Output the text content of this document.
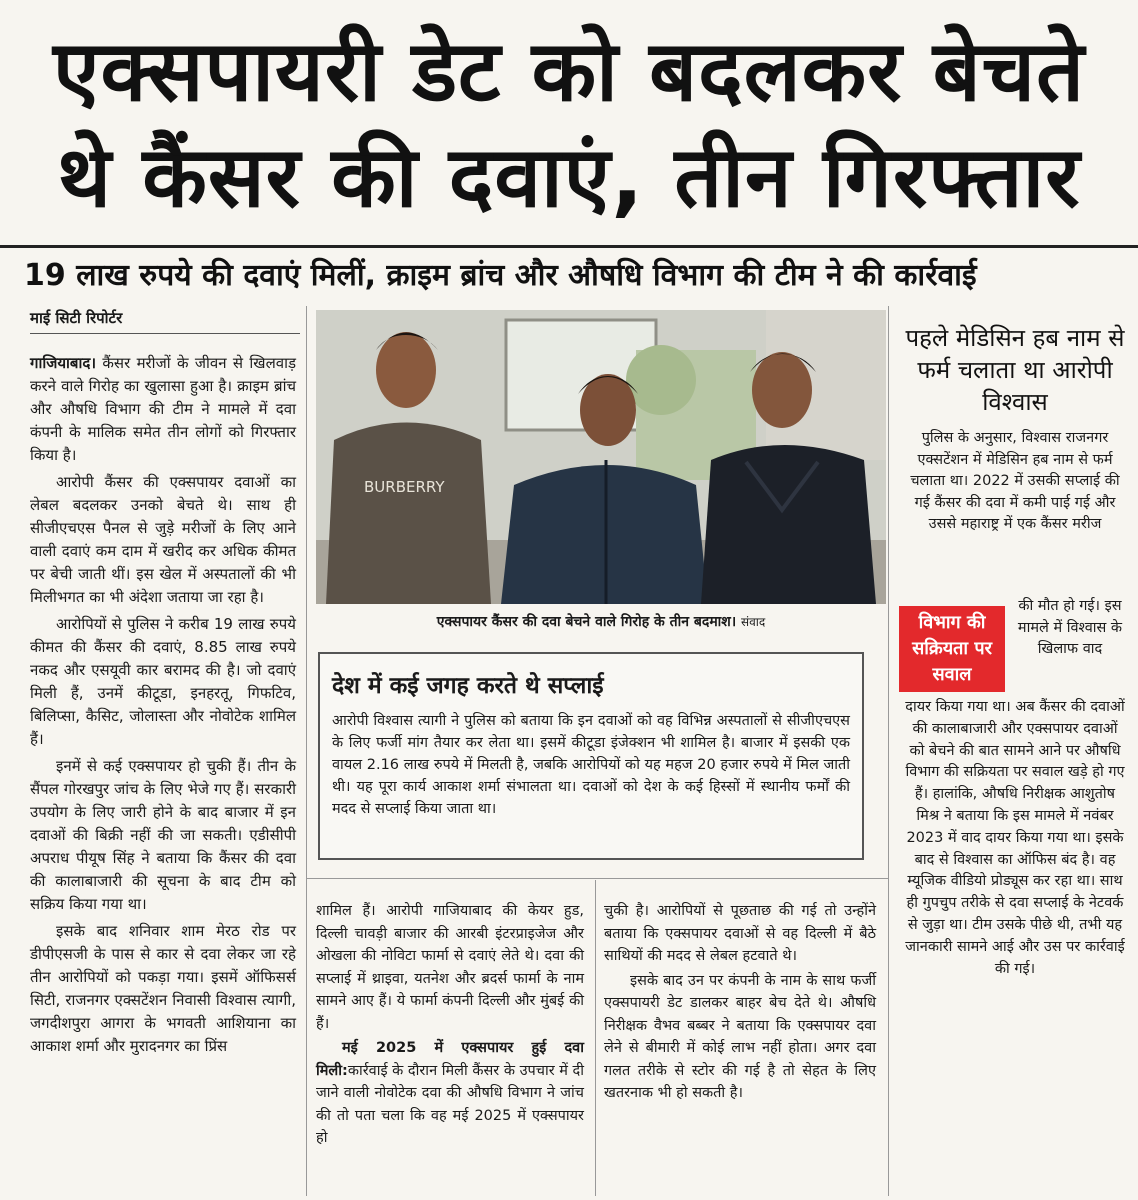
एक्सपायरी डेट को बदलकर बेचते
थे कैंसर की दवाएं, तीन गिरफ्तार
19 लाख रुपये की दवाएं मिलीं, क्राइम ब्रांच और औषधि विभाग की टीम ने की कार्रवाई
माई सिटी रिपोर्टर

गाजियाबाद। कैंसर मरीजों के जीवन से खिलवाड़ करने वाले गिरोह का खुलासा हुआ है। क्राइम ब्रांच और औषधि विभाग की टीम ने मामले में दवा कंपनी के मालिक समेत तीन लोगों को गिरफ्तार किया है।

आरोपी कैंसर की एक्सपायर दवाओं का लेबल बदलकर उनको बेचते थे। साथ ही सीजीएचएस पैनल से जुड़े मरीजों के लिए आने वाली दवाएं कम दाम में खरीद कर अधिक कीमत पर बेची जाती थीं। इस खेल में अस्पतालों की भी मिलीभगत का भी अंदेशा जताया जा रहा है।

आरोपियों से पुलिस ने करीब 19 लाख रुपये कीमत की कैंसर की दवाएं, 8.85 लाख रुपये नकद और एसयूवी कार बरामद की है। जो दवाएं मिली हैं, उनमें कीटूडा, इनहरतू, गिफटिव, बिलिप्सा, कैसिट, जोलास्ता और नोवोटेक शामिल हैं।

इनमें से कई एक्सपायर हो चुकी हैं। तीन के सैंपल गोरखपुर जांच के लिए भेजे गए हैं। सरकारी उपयोग के लिए जारी होने के बाद बाजार में इन दवाओं की बिक्री नहीं की जा सकती। एडीसीपी अपराध पीयूष सिंह ने बताया कि कैंसर की दवा की कालाबाजारी की सूचना के बाद टीम को सक्रिय किया गया था।

इसके बाद शनिवार शाम मेरठ रोड पर डीपीएसजी के पास से कार से दवा लेकर जा रहे तीन आरोपियों को पकड़ा गया। इसमें ऑफिसर्स सिटी, राजनगर एक्सटेंशन निवासी विश्वास त्यागी, जगदीशपुरा आगरा के भगवती आशियाना का आकाश शर्मा और मुरादनगर का प्रिंस

BURBERRY
एक्सपायर कैंसर की दवा बेचने वाले गिरोह के तीन बदमाश। संवाद
देश में कई जगह करते थे सप्लाई

आरोपी विश्वास त्यागी ने पुलिस को बताया कि इन दवाओं को वह विभिन्न अस्पतालों से सीजीएचएस के लिए फर्जी मांग तैयार कर लेता था। इसमें कीटूडा इंजेक्शन भी शामिल है। बाजार में इसकी एक वायल 2.16 लाख रुपये में मिलती है, जबकि आरोपियों को यह महज 20 हजार रुपये में मिल जाती थी। यह पूरा कार्य आकाश शर्मा संभालता था। दवाओं को देश के कई हिस्सों में स्थानीय फर्मों की मदद से सप्लाई किया जाता था।

शामिल हैं। आरोपी गाजियाबाद की केयर हुड, दिल्ली चावड़ी बाजार की आरबी इंटरप्राइजेज और ओखला की नोविटा फार्मा से दवाएं लेते थे। दवा की सप्लाई में थ्राइवा, यतनेश और ब्रदर्स फार्मा के नाम सामने आए हैं। ये फार्मा कंपनी दिल्ली और मुंबई की हैं।

मई 2025 में एक्सपायर हुई दवा मिली:कार्रवाई के दौरान मिली कैंसर के उपचार में दी जाने वाली नोवोटेक दवा की औषधि विभाग ने जांच की तो पता चला कि वह मई 2025 में एक्सपायर हो

चुकी है। आरोपियों से पूछताछ की गई तो उन्होंने बताया कि एक्सपायर दवाओं से वह दिल्ली में बैठे साथियों की मदद से लेबल हटवाते थे।

इसके बाद उन पर कंपनी के नाम के साथ फर्जी एक्सपायरी डेट डालकर बाहर बेच देते थे। औषधि निरीक्षक वैभव बब्बर ने बताया कि एक्सपायर दवा लेने से बीमारी में कोई लाभ नहीं होता। अगर दवा गलत तरीके से स्टोर की गई है तो सेहत के लिए खतरनाक भी हो सकती है।

पहले मेडिसिन हब नाम से फर्म चलाता था आरोपी विश्वास

पुलिस के अनुसार, विश्वास राजनगर एक्सटेंशन में मेडिसिन हब नाम से फर्म चलाता था। 2022 में उसकी सप्लाई की गई कैंसर की दवा में कमी पाई गई और उससे महाराष्ट्र में एक कैंसर मरीज

विभाग की सक्रियता पर सवाल

की मौत हो गई। इस मामले में विश्वास के खिलाफ वाद

दायर किया गया था। अब कैंसर की दवाओं की कालाबाजारी और एक्सपायर दवाओं को बेचने की बात सामने आने पर औषधि विभाग की सक्रियता पर सवाल खड़े हो गए हैं। हालांकि, औषधि निरीक्षक आशुतोष मिश्र ने बताया कि इस मामले में नवंबर 2023 में वाद दायर किया गया था। इसके बाद से विश्वास का ऑफिस बंद है। वह म्यूजिक वीडियो प्रोड्यूस कर रहा था। साथ ही गुपचुप तरीके से दवा सप्लाई के नेटवर्क से जुड़ा था। टीम उसके पीछे थी, तभी यह जानकारी सामने आई और उस पर कार्रवाई की गई।
